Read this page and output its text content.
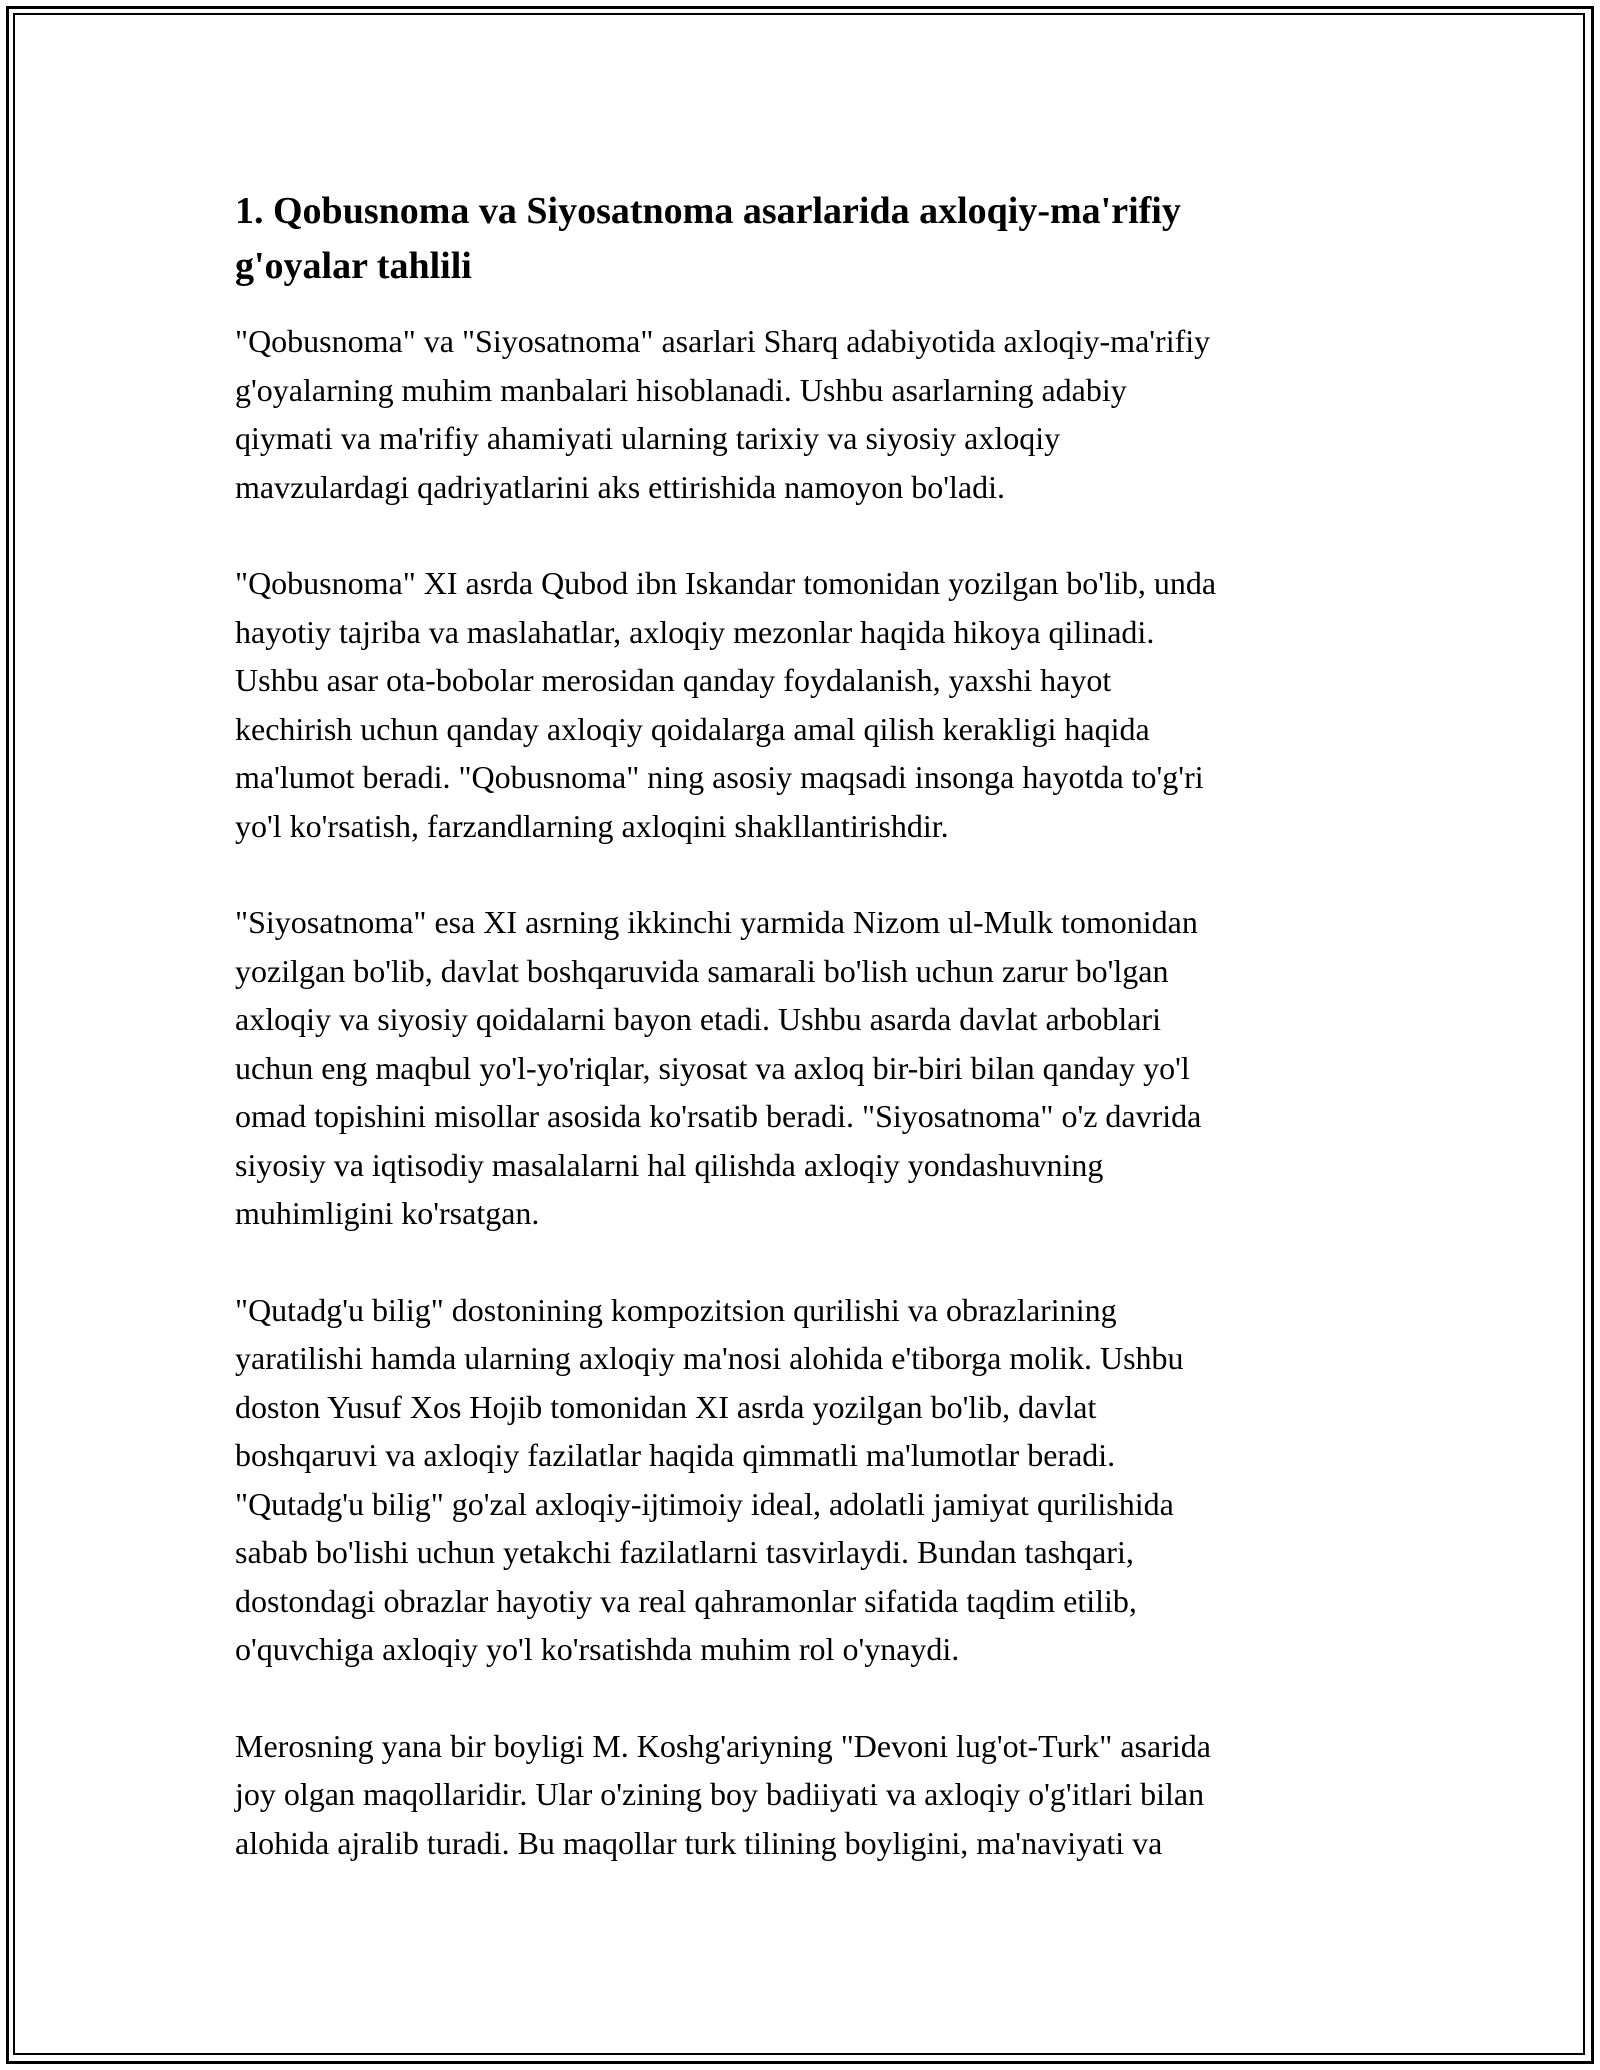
1. Qobusnoma va Siyosatnoma asarlarida axloqiy-ma'rifiy
g'oyalar tahlili

"Qobusnoma" va "Siyosatnoma" asarlari Sharq adabiyotida axloqiy-ma'rifiy
g'oyalarning muhim manbalari hisoblanadi. Ushbu asarlarning adabiy
qiymati va ma'rifiy ahamiyati ularning tarixiy va siyosiy axloqiy
mavzulardagi qadriyatlarini aks ettirishida namoyon bo'ladi.

"Qobusnoma" XI asrda Qubod ibn Iskandar tomonidan yozilgan bo'lib, unda
hayotiy tajriba va maslahatlar, axloqiy mezonlar haqida hikoya qilinadi.
Ushbu asar ota-bobolar merosidan qanday foydalanish, yaxshi hayot
kechirish uchun qanday axloqiy qoidalarga amal qilish kerakligi haqida
ma'lumot beradi. "Qobusnoma" ning asosiy maqsadi insonga hayotda to'g'ri
yo'l ko'rsatish, farzandlarning axloqini shakllantirishdir.

"Siyosatnoma" esa XI asrning ikkinchi yarmida Nizom ul-Mulk tomonidan
yozilgan bo'lib, davlat boshqaruvida samarali bo'lish uchun zarur bo'lgan
axloqiy va siyosiy qoidalarni bayon etadi. Ushbu asarda davlat arboblari
uchun eng maqbul yo'l-yo'riqlar, siyosat va axloq bir-biri bilan qanday yo'l
omad topishini misollar asosida ko'rsatib beradi. "Siyosatnoma" o'z davrida
siyosiy va iqtisodiy masalalarni hal qilishda axloqiy yondashuvning
muhimligini ko'rsatgan.

"Qutadg'u bilig" dostonining kompozitsion qurilishi va obrazlarining
yaratilishi hamda ularning axloqiy ma'nosi alohida e'tiborga molik. Ushbu
doston Yusuf Xos Hojib tomonidan XI asrda yozilgan bo'lib, davlat
boshqaruvi va axloqiy fazilatlar haqida qimmatli ma'lumotlar beradi.
"Qutadg'u bilig" go'zal axloqiy-ijtimoiy ideal, adolatli jamiyat qurilishida
sabab bo'lishi uchun yetakchi fazilatlarni tasvirlaydi. Bundan tashqari,
dostondagi obrazlar hayotiy va real qahramonlar sifatida taqdim etilib,
o'quvchiga axloqiy yo'l ko'rsatishda muhim rol o'ynaydi.

Merosning yana bir boyligi M. Koshg'ariyning "Devoni lug'ot-Turk" asarida
joy olgan maqollaridir. Ular o'zining boy badiiyati va axloqiy o'g'itlari bilan
alohida ajralib turadi. Bu maqollar turk tilining boyligini, ma'naviyati va
